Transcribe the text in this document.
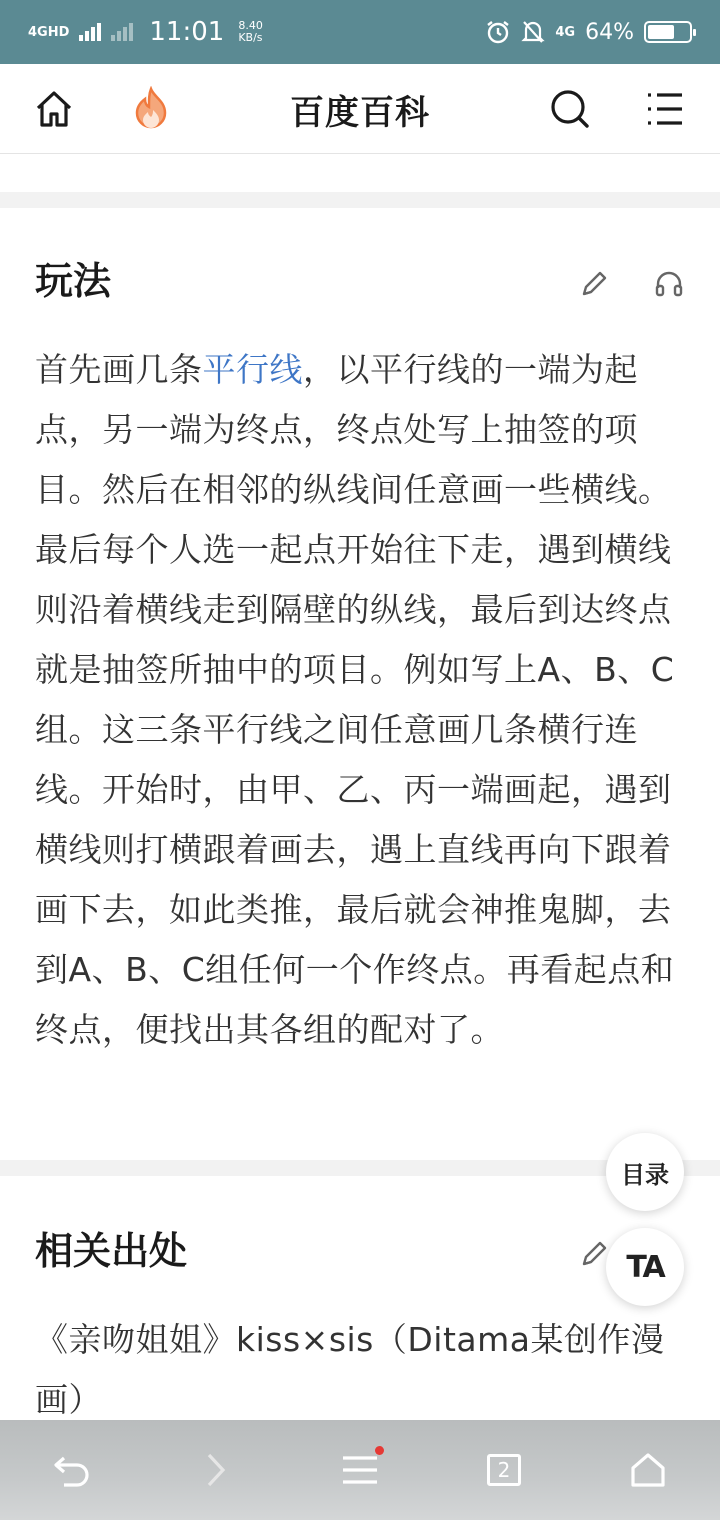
4GHD	11:01 8.40
KB/s	4G 64%
百度百科
玩法
首先画几条平行线，以平行线的一端为起点，另一端为终点，终点处写上抽签的项目。然后在相邻的纵线间任意画一些横线。最后每个人选一起点开始往下走，遇到横线则沿着横线走到隔壁的纵线，最后到达终点就是抽签所抽中的项目。例如写上A、B、C组。这三条平行线之间任意画几条横行连线。开始时，由甲、乙、丙一端画起，遇到横线则打横跟着画去，遇上直线再向下跟着画下去，如此类推，最后就会神推鬼脚，去到A、B、C组任何一个作终点。再看起点和终点，便找出其各组的配对了。
相关出处
《亲吻姐姐》kiss×sis（Ditama某创作漫画）
目录
TA
2
